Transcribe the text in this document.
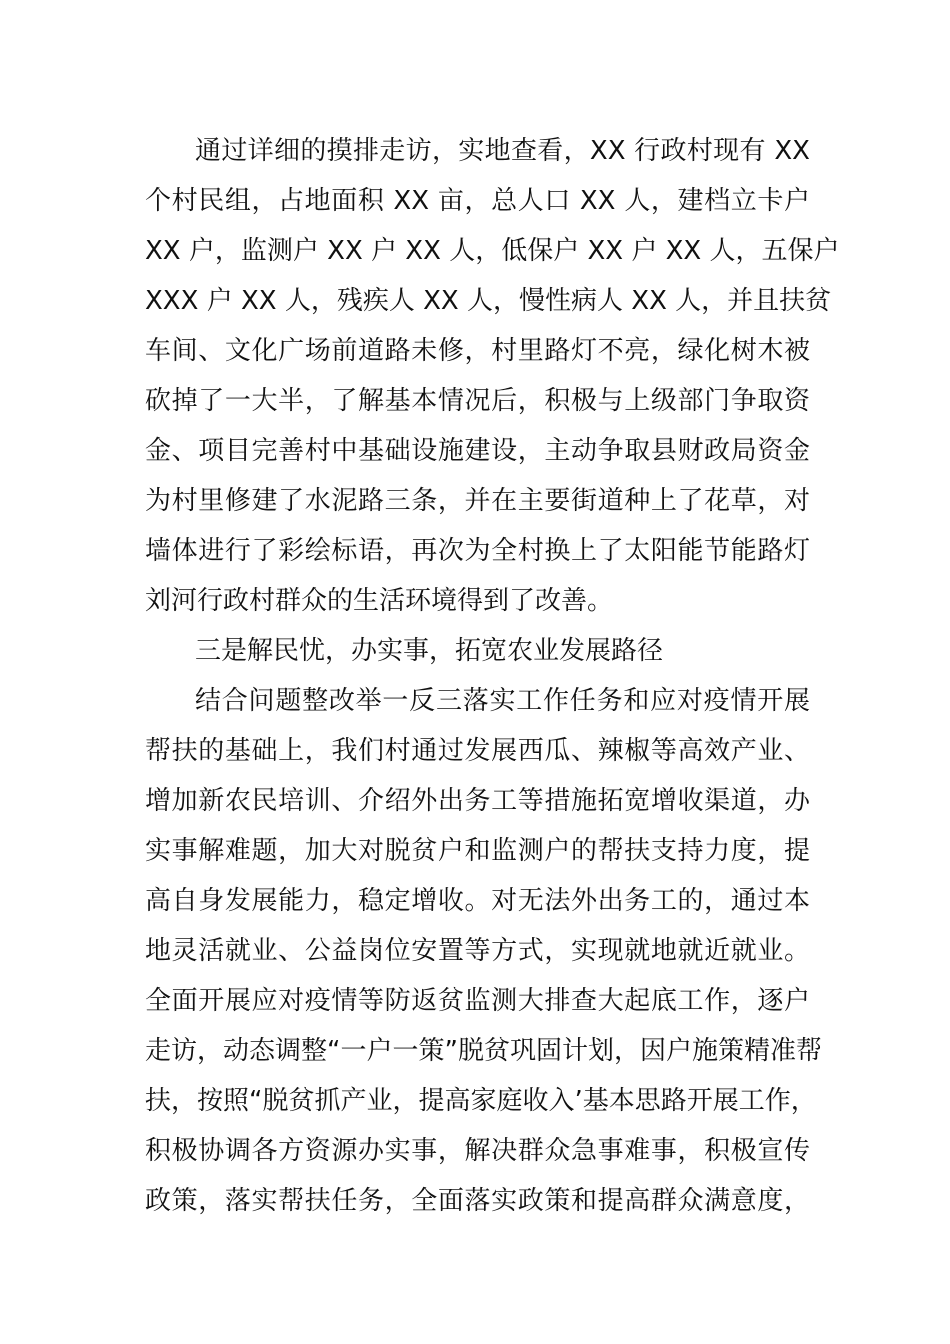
通过详细的摸排走访，实地查看，XX 行政村现有 XX
个村民组，占地面积 XX 亩，总人口 XX 人，建档立卡户
XX 户，监测户 XX 户 XX 人，低保户 XX 户 XX 人，五保户
XXX 户 XX 人，残疾人 XX 人，慢性病人 XX 人，并且扶贫
车间、文化广场前道路未修，村里路灯不亮，绿化树木被
砍掉了一大半，了解基本情况后，积极与上级部门争取资
金、项目完善村中基础设施建设，主动争取县财政局资金
为村里修建了水泥路三条，并在主要街道种上了花草，对
墙体进行了彩绘标语，再次为全村换上了太阳能节能路灯
刘河行政村群众的生活环境得到了改善。
三是解民忧，办实事，拓宽农业发展路径
结合问题整改举一反三落实工作任务和应对疫情开展
帮扶的基础上，我们村通过发展西瓜、辣椒等高效产业、
增加新农民培训、介绍外出务工等措施拓宽增收渠道，办
实事解难题，加大对脱贫户和监测户的帮扶支持力度，提
高自身发展能力，稳定增收。对无法外出务工的，通过本
地灵活就业、公益岗位安置等方式，实现就地就近就业。
全面开展应对疫情等防返贫监测大排查大起底工作，逐户
走访，动态调整“一户一策”脱贫巩固计划，因户施策精准帮
扶，按照“脱贫抓产业，提高家庭收入’基本思路开展工作，
积极协调各方资源办实事，解决群众急事难事，积极宣传
政策，落实帮扶任务，全面落实政策和提高群众满意度，
